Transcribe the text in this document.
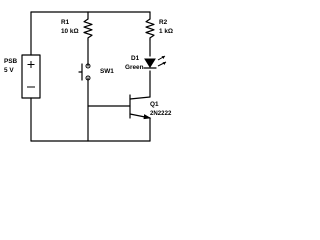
R1
10 kΩ
R2
1 kΩ
PSB
5 V	SW1
D1
Green
Q1
2N2222
